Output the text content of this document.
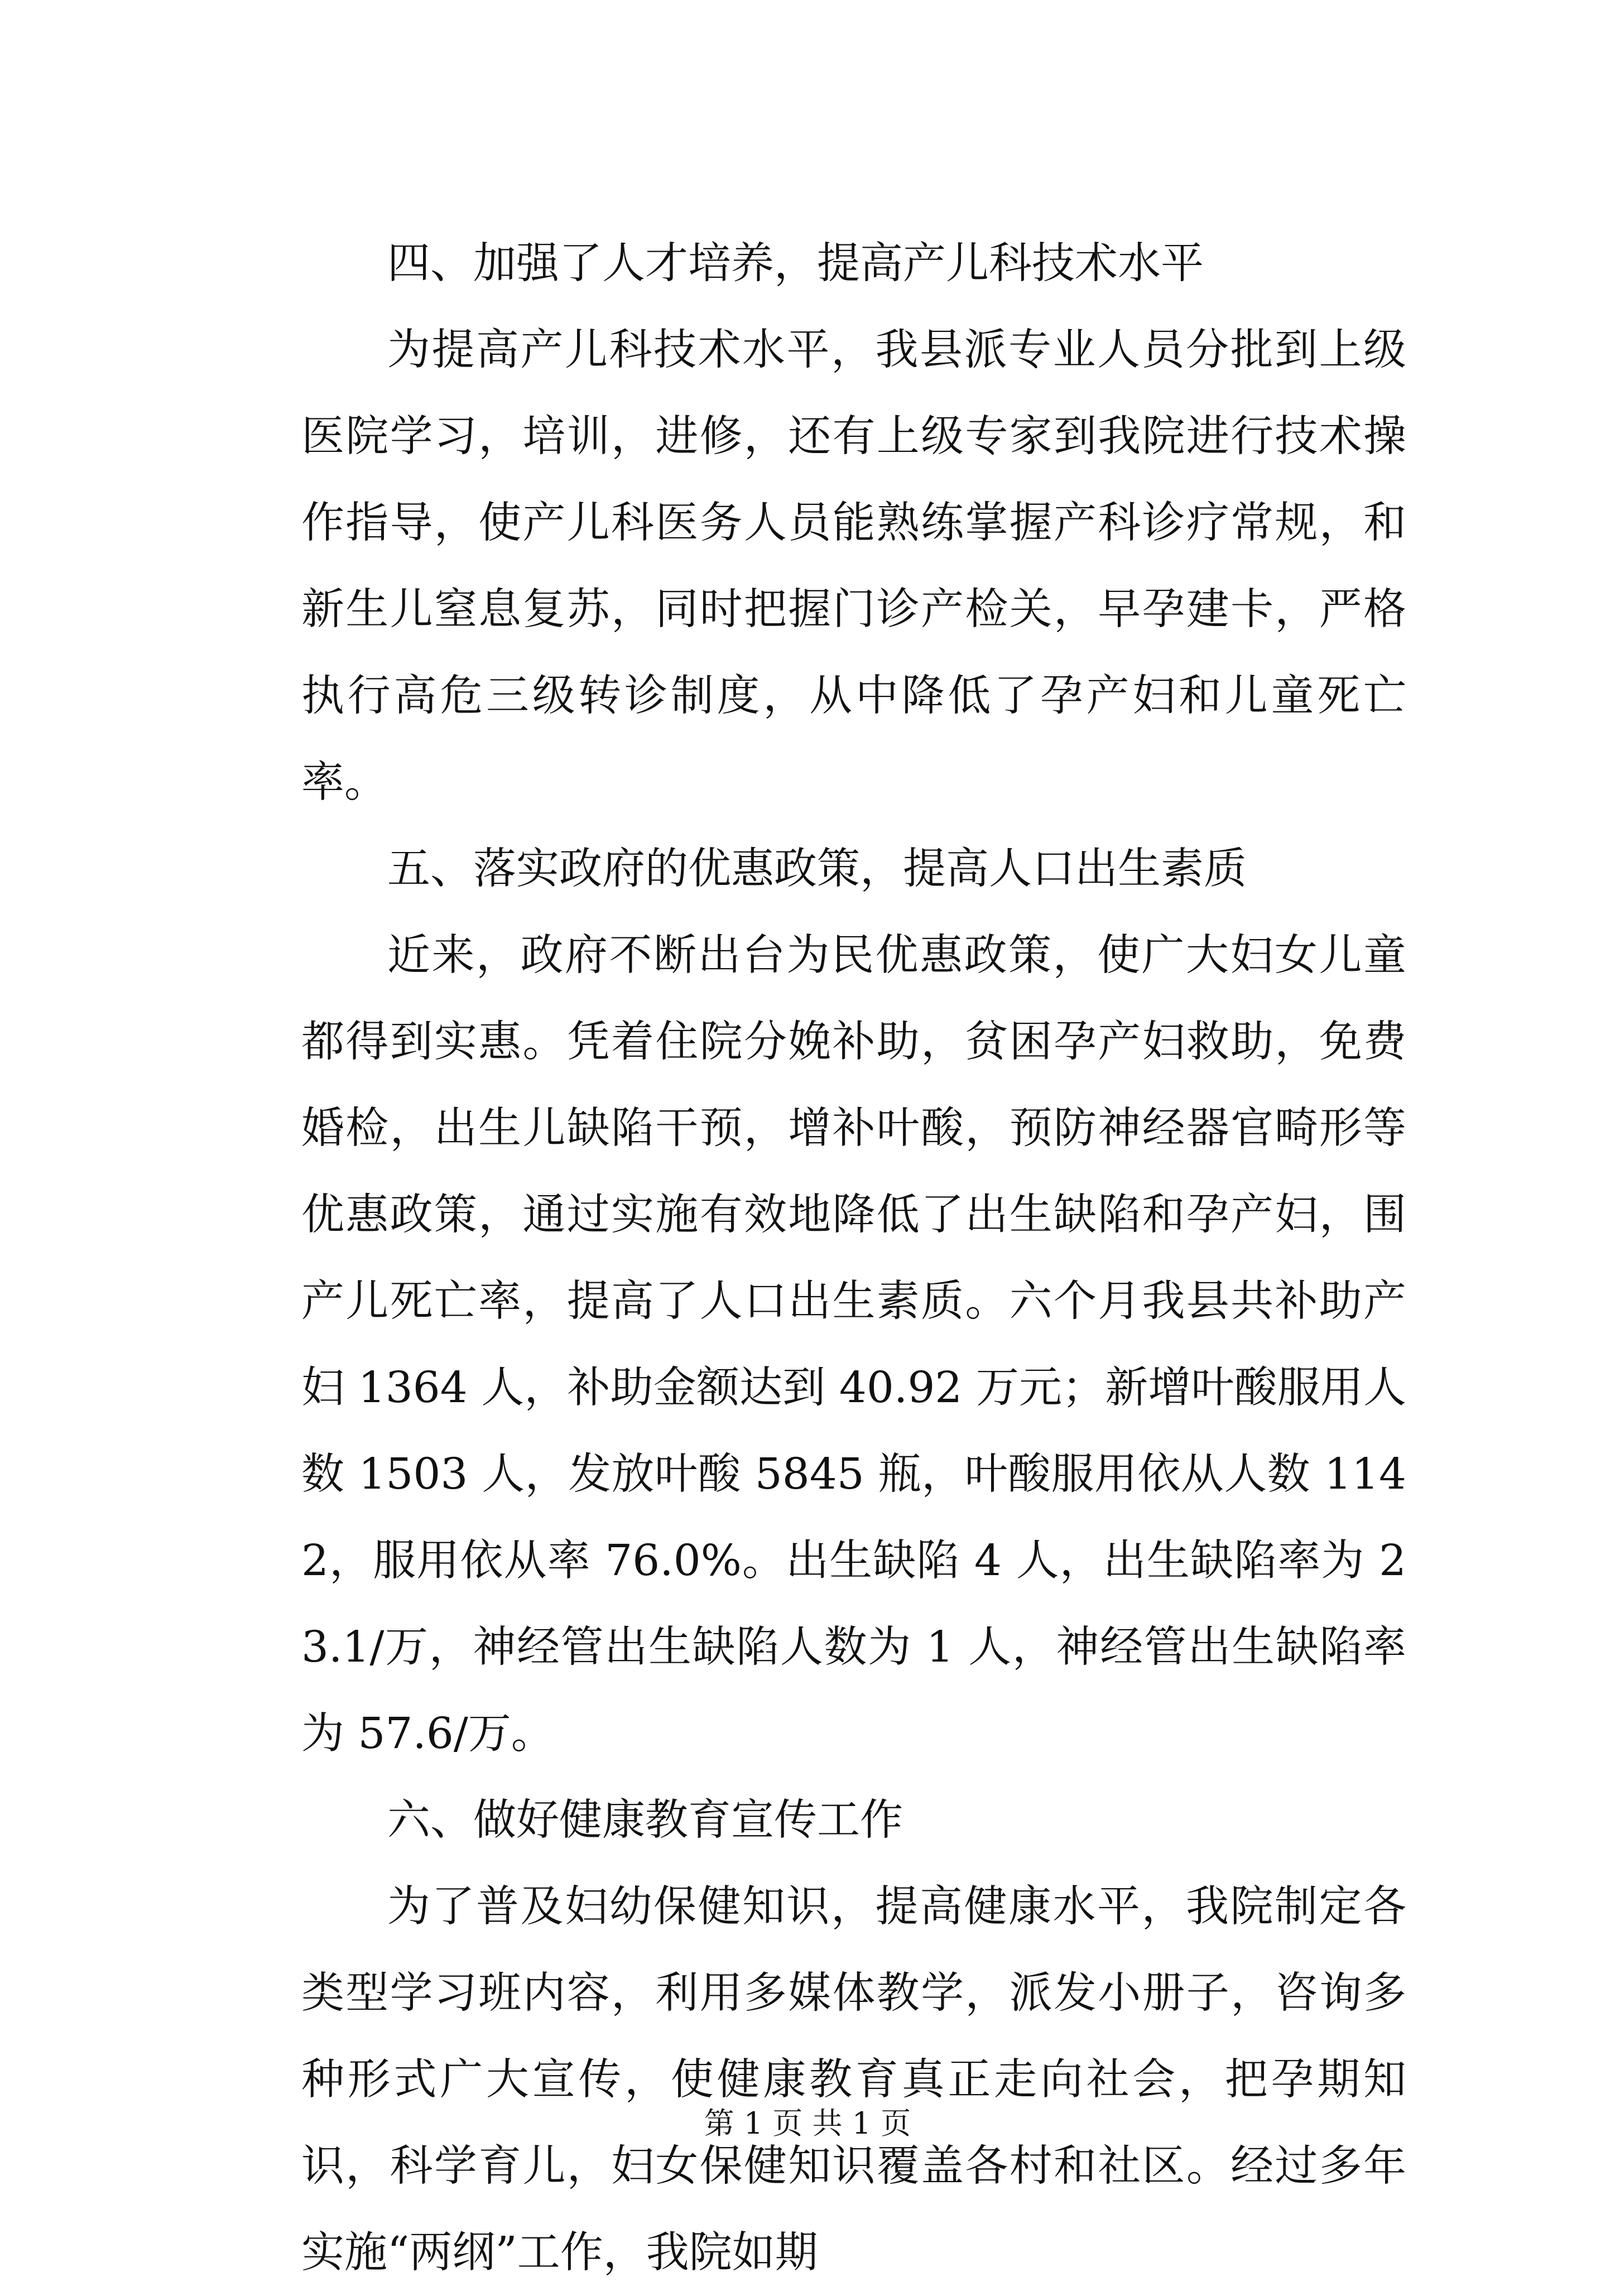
四、加强了人才培养，提高产儿科技术水平

为提高产儿科技术水平，我县派专业人员分批到上级医院学习，培训，进修，还有上级专家到我院进行技术操作指导，使产儿科医务人员能熟练掌握产科诊疗常规，和新生儿窒息复苏，同时把握门诊产检关，早孕建卡，严格执行高危三级转诊制度，从中降低了孕产妇和儿童死亡率。

五、落实政府的优惠政策，提高人口出生素质

近来，政府不断出台为民优惠政策，使广大妇女儿童都得到实惠。凭着住院分娩补助，贫困孕产妇救助，免费婚检，出生儿缺陷干预，增补叶酸，预防神经器官畸形等优惠政策，通过实施有效地降低了出生缺陷和孕产妇，围产儿死亡率，提高了人口出生素质。六个月我县共补助产妇 1364 人，补助金额达到 40.92 万元；新增叶酸服用人数 1503 人，发放叶酸 5845 瓶，叶酸服用依从人数 1142，服用依从率 76.0%。出生缺陷 4 人，出生缺陷率为 23.1/万，神经管出生缺陷人数为 1 人，神经管出生缺陷率为 57.6/万。

六、做好健康教育宣传工作

为了普及妇幼保健知识，提高健康水平，我院制定各类型学习班内容，利用多媒体教学，派发小册子，咨询多种形式广大宣传，使健康教育真正走向社会，把孕期知识，科学育儿，妇女保健知识覆盖各村和社区。经过多年实施“两纲”工作，我院如期

第 1 页 共 1 页
